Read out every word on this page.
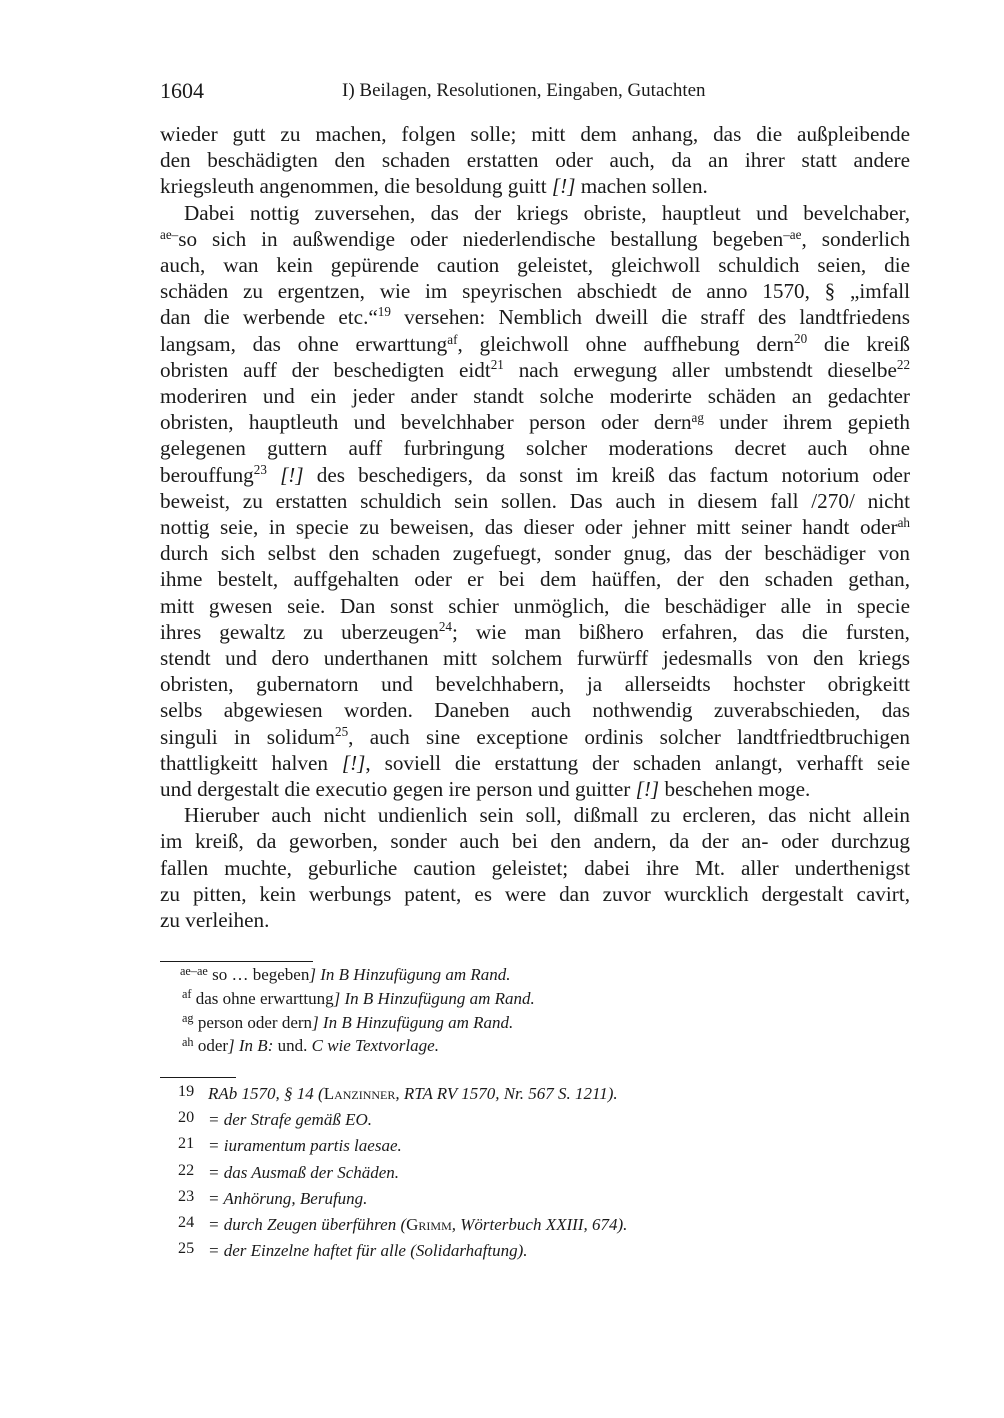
1604	I) Beilagen, Resolutionen, Eingaben, Gutachten
wieder gutt zu machen, folgen solle; mitt dem anhang, das die außpleibende
den beschädigten den schaden erstatten oder auch, da an ihrer statt andere
kriegsleuth angenommen, die besoldung guitt [!] machen sollen.
Dabei nottig zuversehen, das der kriegs obriste, hauptleut und bevelchaber,
$^{ae-}$so sich in außwendige oder niederlendische bestallung begeben$^{-ae}$, sonderlich
auch, wan kein gepürende caution geleistet, gleichwoll schuldich seien, die
schäden zu ergentzen, wie im speyrischen abschiedt de anno 1570, § „imfall
dan die werbende etc.“$^{19}$ versehen: Nemblich dweill die straff des landtfriedens
langsam, das ohne erwarttung$^{af}$, gleichwoll ohne auffhebung dern$^{20}$ die kreiß
obristen auff der beschedigten eidt$^{21}$ nach erwegung aller umbstendt dieselbe$^{22}$
moderiren und ein jeder ander standt solche moderirte schäden an gedachter
obristen, hauptleuth und bevelchhaber person oder dern$^{ag}$ under ihrem gepieth
gelegenen guttern auff furbringung solcher moderations decret auch ohne
berouffung$^{23}$ [!] des beschedigers, da sonst im kreiß das factum notorium oder
beweist, zu erstatten schuldich sein sollen. Das auch in diesem fall /270/ nicht
nottig seie, in specie zu beweisen, das dieser oder jehner mitt seiner handt oder$^{ah}$
durch sich selbst den schaden zugefuegt, sonder gnug, das der beschädiger von
ihme bestelt, auffgehalten oder er bei dem haüffen, der den schaden gethan,
mitt gwesen seie. Dan sonst schier unmöglich, die beschädiger alle in specie
ihres gewaltz zu uberzeugen$^{24}$; wie man bißhero erfahren, das die fursten,
stendt und dero underthanen mitt solchem furwürff jedesmalls von den kriegs
obristen, gubernatorn und bevelchhabern, ja allerseidts hochster obrigkeitt
selbs abgewiesen worden. Daneben auch nothwendig zuverabschieden, das
singuli in solidum$^{25}$, auch sine exceptione ordinis solcher landtfriedtbruchigen
thattligkeitt halven [!], soviell die erstattung der schaden anlangt, verhafft seie
und dergestalt die executio gegen ire person und guitter [!] beschehen moge.
Hieruber auch nicht undienlich sein soll, dißmall zu ercleren, das nicht allein
im kreiß, da geworben, sonder auch bei den andern, da der an- oder durchzug
fallen muchte, geburliche caution geleistet; dabei ihre Mt. aller underthenigst
zu pitten, kein werbungs patent, es were dan zuvor wurcklich dergestalt cavirt,
zu verleihen.
ae–ae so … begeben] In B Hinzufügung am Rand.
af das ohne erwarttung] In B Hinzufügung am Rand.
ag person oder dern] In B Hinzufügung am Rand.
ah oder] In B: und. C wie Textvorlage.
19 RAb 1570, § 14 (Lanzinner, RTA RV 1570, Nr. 567 S. 1211).
20 = der Strafe gemäß EO.
21 = iuramentum partis laesae.
22 = das Ausmaß der Schäden.
23 = Anhörung, Berufung.
24 = durch Zeugen überführen (Grimm, Wörterbuch XXIII, 674).
25 = der Einzelne haftet für alle (Solidarhaftung).
